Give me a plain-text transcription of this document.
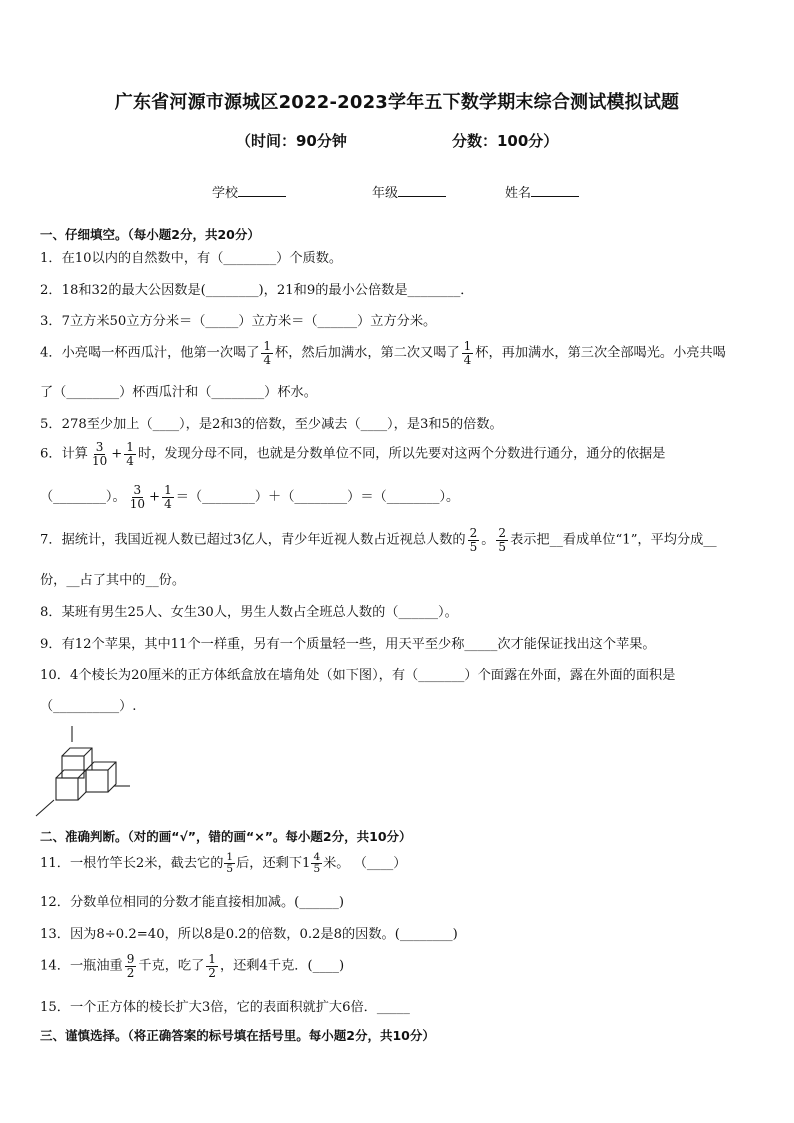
广东省河源市源城区2022-2023学年五下数学期末综合测试模拟试题
（时间：90分钟	分数：100分）
学校	年级	姓名
一、仔细填空。（每小题2分，共20分）
1．在10以内的自然数中，有（________）个质数。
2．18和32的最大公因数是(________)，21和9的最小公倍数是________．
3．7立方米50立方分米＝（_____）立方米＝（______）立方分米。
4．小亮喝一杯西瓜汁，他第一次喝了 $\frac{1}{4}$ 杯，然后加满水，第二次又喝了 $\frac{1}{4}$ 杯，再加满水，第三次全部喝光。小亮共喝
了（________）杯西瓜汁和（________）杯水。
5．278至少加上（____），是2和3的倍数，至少减去（____），是3和5的倍数。
6．计算 $\frac{3}{10} + \frac{1}{4}$ 时，发现分母不同，也就是分数单位不同，所以先要对这两个分数进行通分，通分的依据是
（________）。 $\frac{3}{10} + \frac{1}{4}$ ＝（________）＋（________）＝（________）。
7．据统计，我国近视人数已超过3亿人，青少年近视人数占近视总人数的 $\frac{2}{5}$ 。 $\frac{2}{5}$ 表示把__看成单位“1”，平均分成__
份，__占了其中的__份。
8．某班有男生25人、女生30人，男生人数占全班总人数的（______）。
9．有12个苹果，其中11个一样重，另有一个质量轻一些，用天平至少称_____次才能保证找出这个苹果。
10．4个棱长为20厘米的正方体纸盒放在墙角处（如下图），有（_______）个面露在外面，露在外面的面积是
（__________）.
二、准确判断。（对的画“√”，错的画“×”。每小题2分，共10分）
11．一根竹竿长2米，截去它的 $\frac{1}{5}$ 后，还剩下 $1 \frac{4}{5}$ 米。 （____）
12．分数单位相同的分数才能直接相加减。(______)
13．因为8÷0.2=40，所以8是0.2的倍数，0.2是8的因数。(________)
14．一瓶油重 $\frac{9}{2}$ 千克，吃了 $\frac{1}{2}$ ，还剩4千克．(____)
15．一个正方体的棱长扩大3倍，它的表面积就扩大6倍．_____
三、谨慎选择。（将正确答案的标号填在括号里。每小题2分，共10分）
